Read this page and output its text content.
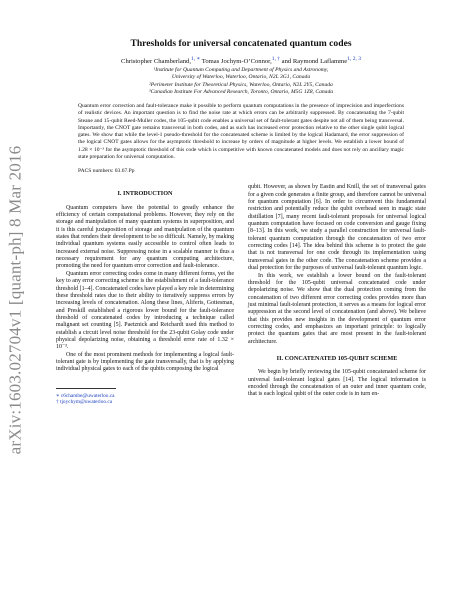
arXiv:1603.02704v1 [quant-ph] 8 Mar 2016
Thresholds for universal concatenated quantum codes
Christopher Chamberland,$^{1, ∗}$ Tomas Jochym-O’Connor,$^{1, \dagger}$ and Raymond Laflamme$^{1, 2, 3}$
¹Institute for Quantum Computing and Department of Physics and Astronomy,
University of Waterloo, Waterloo, Ontario, N2L 3G1, Canada
²Perimeter Institute for Theoretical Physics, Waterloo, Ontario, N2L 2Y5, Canada
³Canadian Institute For Advanced Research, Toronto, Ontario, M5G 1Z8, Canada
Quantum error correction and fault-tolerance make it possible to perform quantum computations in the presence of imprecision and imperfections of realistic devices. An important question is to find the noise rate at which errors can be arbitrarily suppressed. By concatenating the 7-qubit Steane and 15-qubit Reed-Muller codes, the 105-qubit code enables a universal set of fault-tolerant gates despite not all of them being transversal. Importantly, the CNOT gate remains transversal in both codes, and as such has increased error protection relative to the other single qubit logical gates. We show that while the level-1 pseudo-threshold for the concatenated scheme is limited by the logical Hadamard, the error suppression of the logical CNOT gates allows for the asymptotic threshold to increase by orders of magnitude at higher levels. We establish a lower bound of 1.28 × 10⁻³ for the asymptotic threshold of this code which is competitive with known concatenated models and does not rely on ancillary magic state preparation for universal computation.
PACS numbers: 03.67.Pp
I. INTRODUCTION

Quantum computers have the potential to greatly enhance the efficiency of certain computational problems. However, they rely on the storage and manipulation of many quantum systems in superposition, and it is this careful juxtaposition of storage and manipulation of the quantum states that renders their development to be so difficult. Namely, by making individual quantum systems easily accessible to control often leads to increased external noise. Suppressing noise in a scalable manner is thus a necessary requirement for any quantum computing architecture, promoting the need for quantum error correction and fault-tolerance.

Quantum error correcting codes come in many different forms, yet the key to any error correcting scheme is the establishment of a fault-tolerance threshold [1–4]. Concatenated codes have played a key role in determining these threshold rates due to their ability to iteratively suppress errors by increasing levels of concatenation. Along these lines, Aliferis, Gottesman, and Preskill established a rigorous lower bound for the fault-tolerance threshold of concatenated codes by introducing a technique called malignant set counting [5]. Paetznick and Reichardt used this method to establish a circuit level noise threshold for the 23-qubit Golay code under physical depolarizing noise, obtaining a threshold error rate of 1.32 × 10⁻³.

One of the most prominent methods for implementing a logical fault-tolerant gate is by implementing the gate transversally, that is by applying individual physical gates to each of the qubits composing the logical

∗ c6chambe@uwaterloo.ca
† tjoychym@uwaterloo.ca

qubit. However, as shown by Eastin and Knill, the set of transversal gates for a given code generates a finite group, and therefore cannot be universal for quantum computation [6]. In order to circumvent this fundamental restriction and potentially reduce the qubit overhead seen in magic state distillation [7], many recent fault-tolerant proposals for universal logical quantum computation have focused on code conversion and gauge fixing [8–13]. In this work, we study a parallel construction for universal fault-tolerant quantum computation through the concatenation of two error correcting codes [14]. The idea behind this scheme is to protect the gate that is not transversal for one code through its implementation using transversal gates in the other code. The concatenation scheme provides a dual protection for the purposes of universal fault-tolerant quantum logic.

In this work, we establish a lower bound on the fault-tolerant threshold for the 105-qubit universal concatenated code under depolarizing noise. We show that the dual protection coming from the concatenation of two different error correcting codes provides more than just minimal fault-tolerant protection, it serves as a means for logical error suppression at the second level of concatenation (and above). We believe that this provides new insights in the development of quantum error correcting codes, and emphasizes an important principle: to logically protect the quantum gates that are most present in the fault-tolerant architecture.

II. CONCATENATED 105-QUBIT SCHEME

We begin by briefly reviewing the 105-qubit concatenated scheme for universal fault-tolerant logical gates [14]. The logical information is encoded through the concatenation of an outer and inner quantum code, that is each logical qubit of the outer code is in turn en-
